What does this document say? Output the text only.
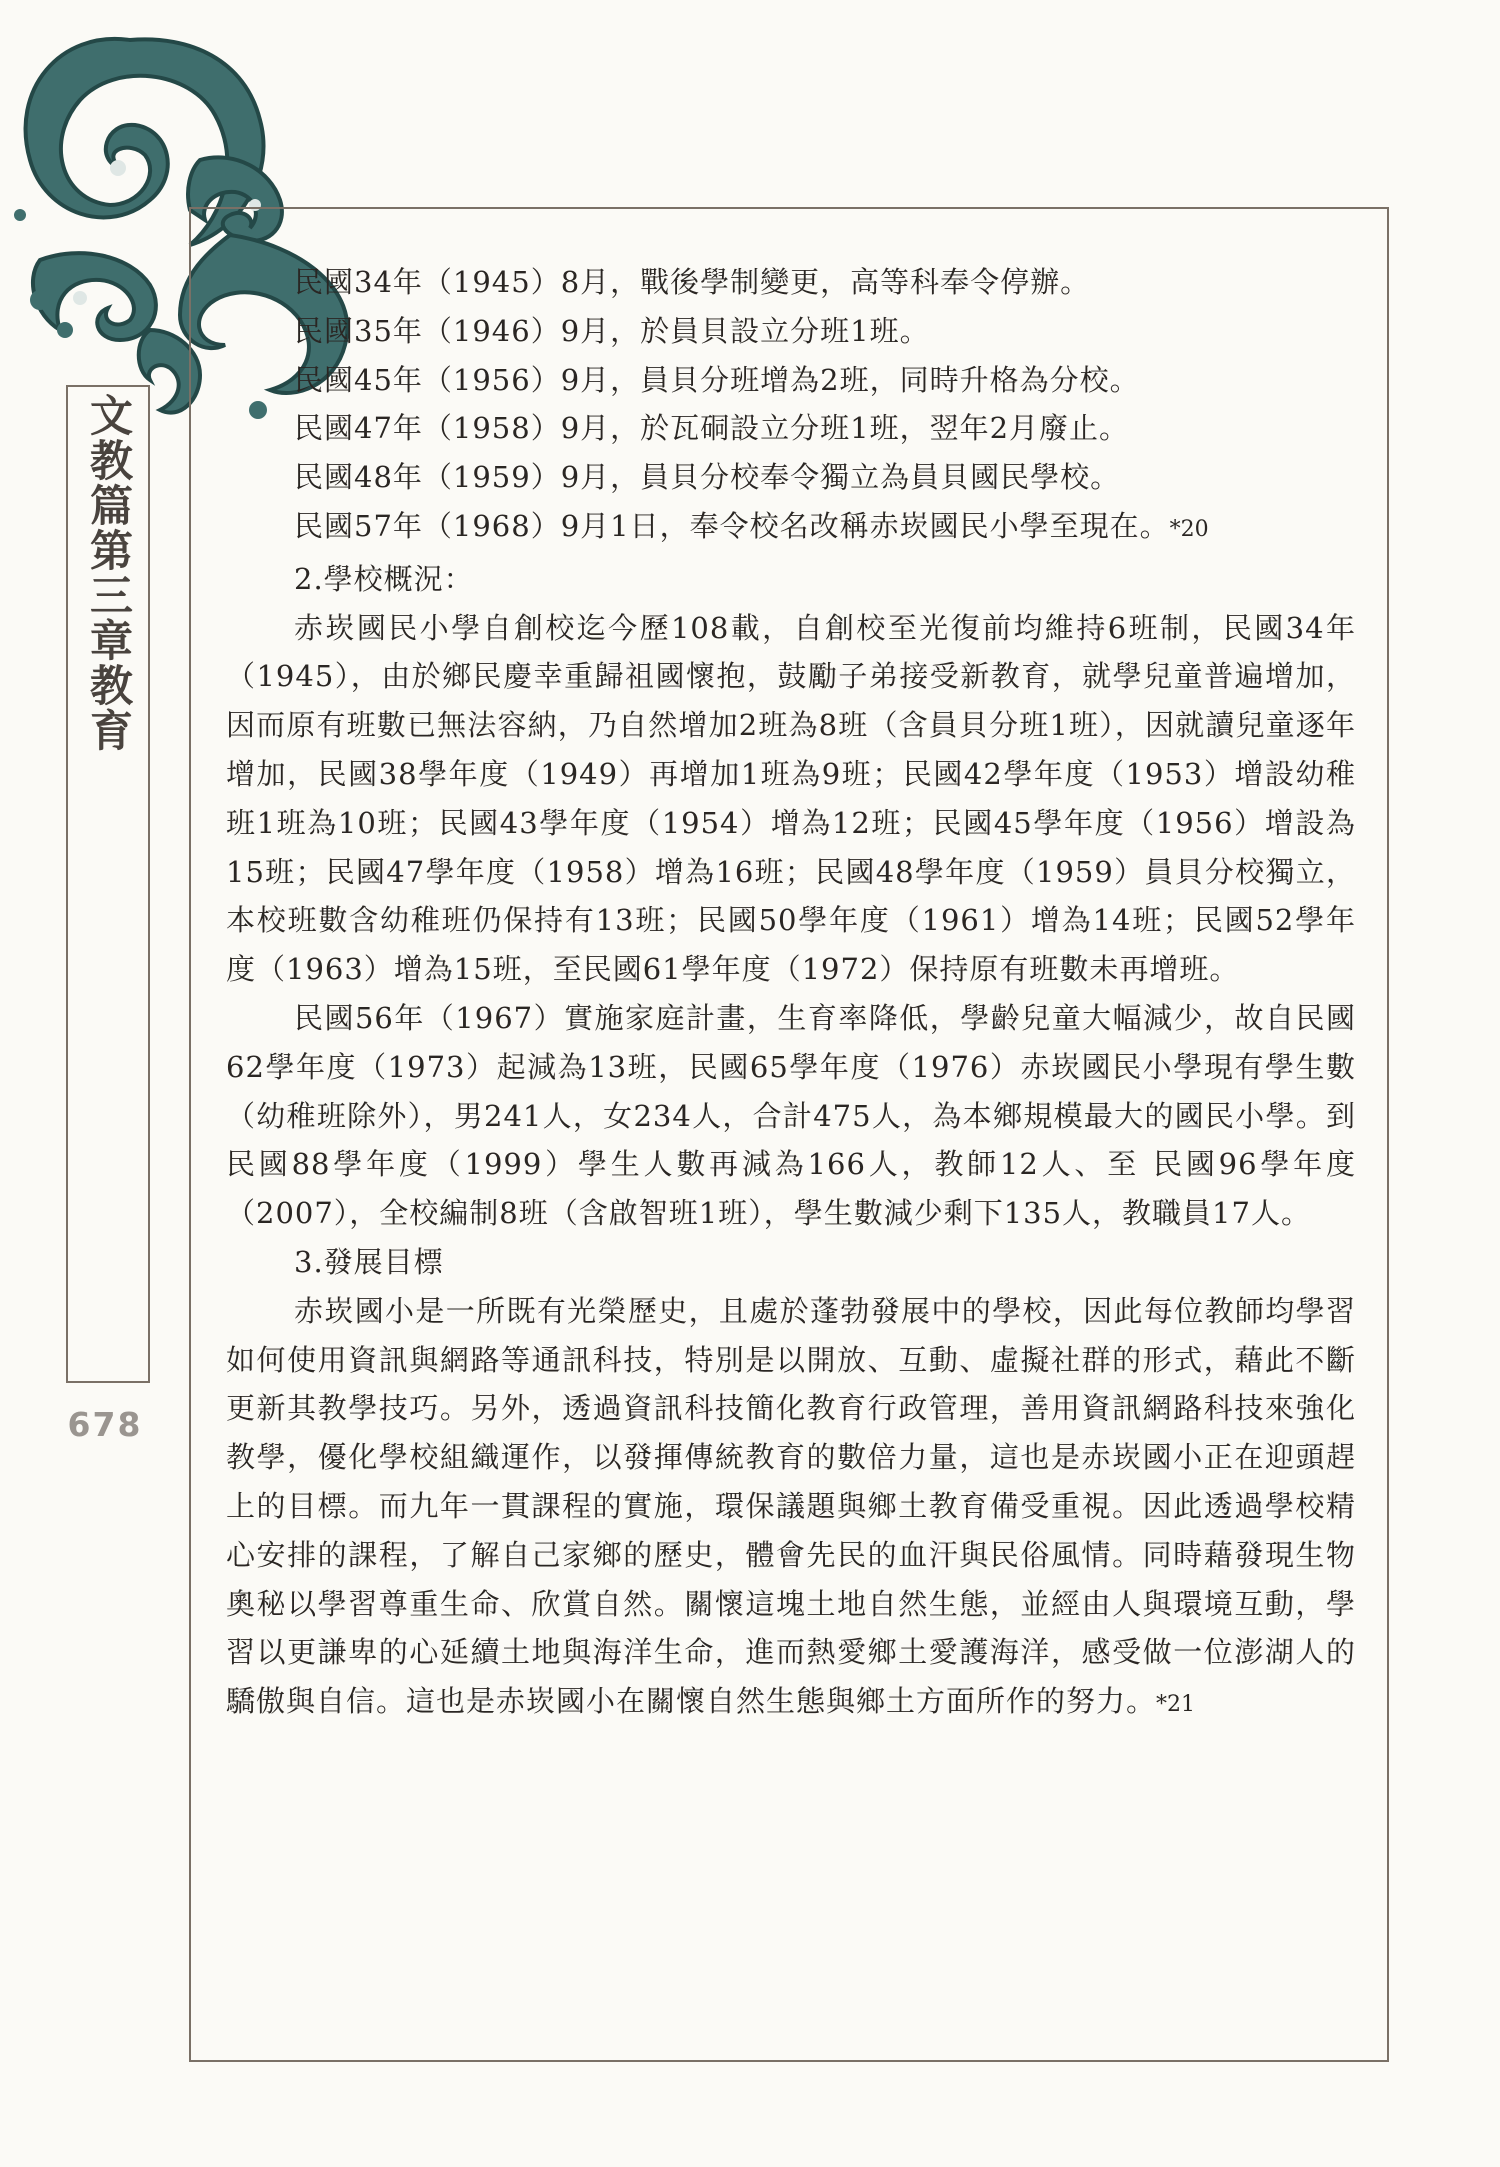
文教篇
第三章
教育
678
民國34年（1945）8月，戰後學制變更，高等科奉令停辦。
民國35年（1946）9月，於員貝設立分班1班。
民國45年（1956）9月，員貝分班增為2班，同時升格為分校。
民國47年（1958）9月，於瓦硐設立分班1班，翌年2月廢止。
民國48年（1959）9月，員貝分校奉令獨立為員貝國民學校。
民國57年（1968）9月1日，奉令校名改稱赤崁國民小學至現在。*20
2.學校概況：

赤崁國民小學自創校迄今歷108載，自創校至光復前均維持6班制，民國34年（1945），由於鄉民慶幸重歸祖國懷抱，鼓勵子弟接受新教育，就學兒童普遍增加，因而原有班數已無法容納，乃自然增加2班為8班（含員貝分班1班），因就讀兒童逐年增加，民國38學年度（1949）再增加1班為9班；民國42學年度（1953）增設幼稚班1班為10班；民國43學年度（1954）增為12班；民國45學年度（1956）增設為15班；民國47學年度（1958）增為16班；民國48學年度（1959）員貝分校獨立，本校班數含幼稚班仍保持有13班；民國50學年度（1961）增為14班；民國52學年度（1963）增為15班，至民國61學年度（1972）保持原有班數未再增班。

民國56年（1967）實施家庭計畫，生育率降低，學齡兒童大幅減少，故自民國62學年度（1973）起減為13班，民國65學年度（1976）赤崁國民小學現有學生數（幼稚班除外），男241人，女234人，合計475人，為本鄉規模最大的國民小學。到民國88學年度（1999）學生人數再減為166人，教師12人、至 民國96學年度（2007），全校編制8班（含啟智班1班），學生數減少剩下135人，教職員17人。

3.發展目標

赤崁國小是一所既有光榮歷史，且處於蓬勃發展中的學校，因此每位教師均學習如何使用資訊與網路等通訊科技，特別是以開放、互動、虛擬社群的形式，藉此不斷更新其教學技巧。另外，透過資訊科技簡化教育行政管理，善用資訊網路科技來強化教學，優化學校組織運作，以發揮傳統教育的數倍力量，這也是赤崁國小正在迎頭趕上的目標。而九年一貫課程的實施，環保議題與鄉土教育備受重視。因此透過學校精心安排的課程，了解自己家鄉的歷史，體會先民的血汗與民俗風情。同時藉發現生物奧秘以學習尊重生命、欣賞自然。關懷這塊土地自然生態，並經由人與環境互動，學習以更謙卑的心延續土地與海洋生命，進而熱愛鄉土愛護海洋，感受做一位澎湖人的驕傲與自信。這也是赤崁國小在關懷自然生態與鄉土方面所作的努力。*21
